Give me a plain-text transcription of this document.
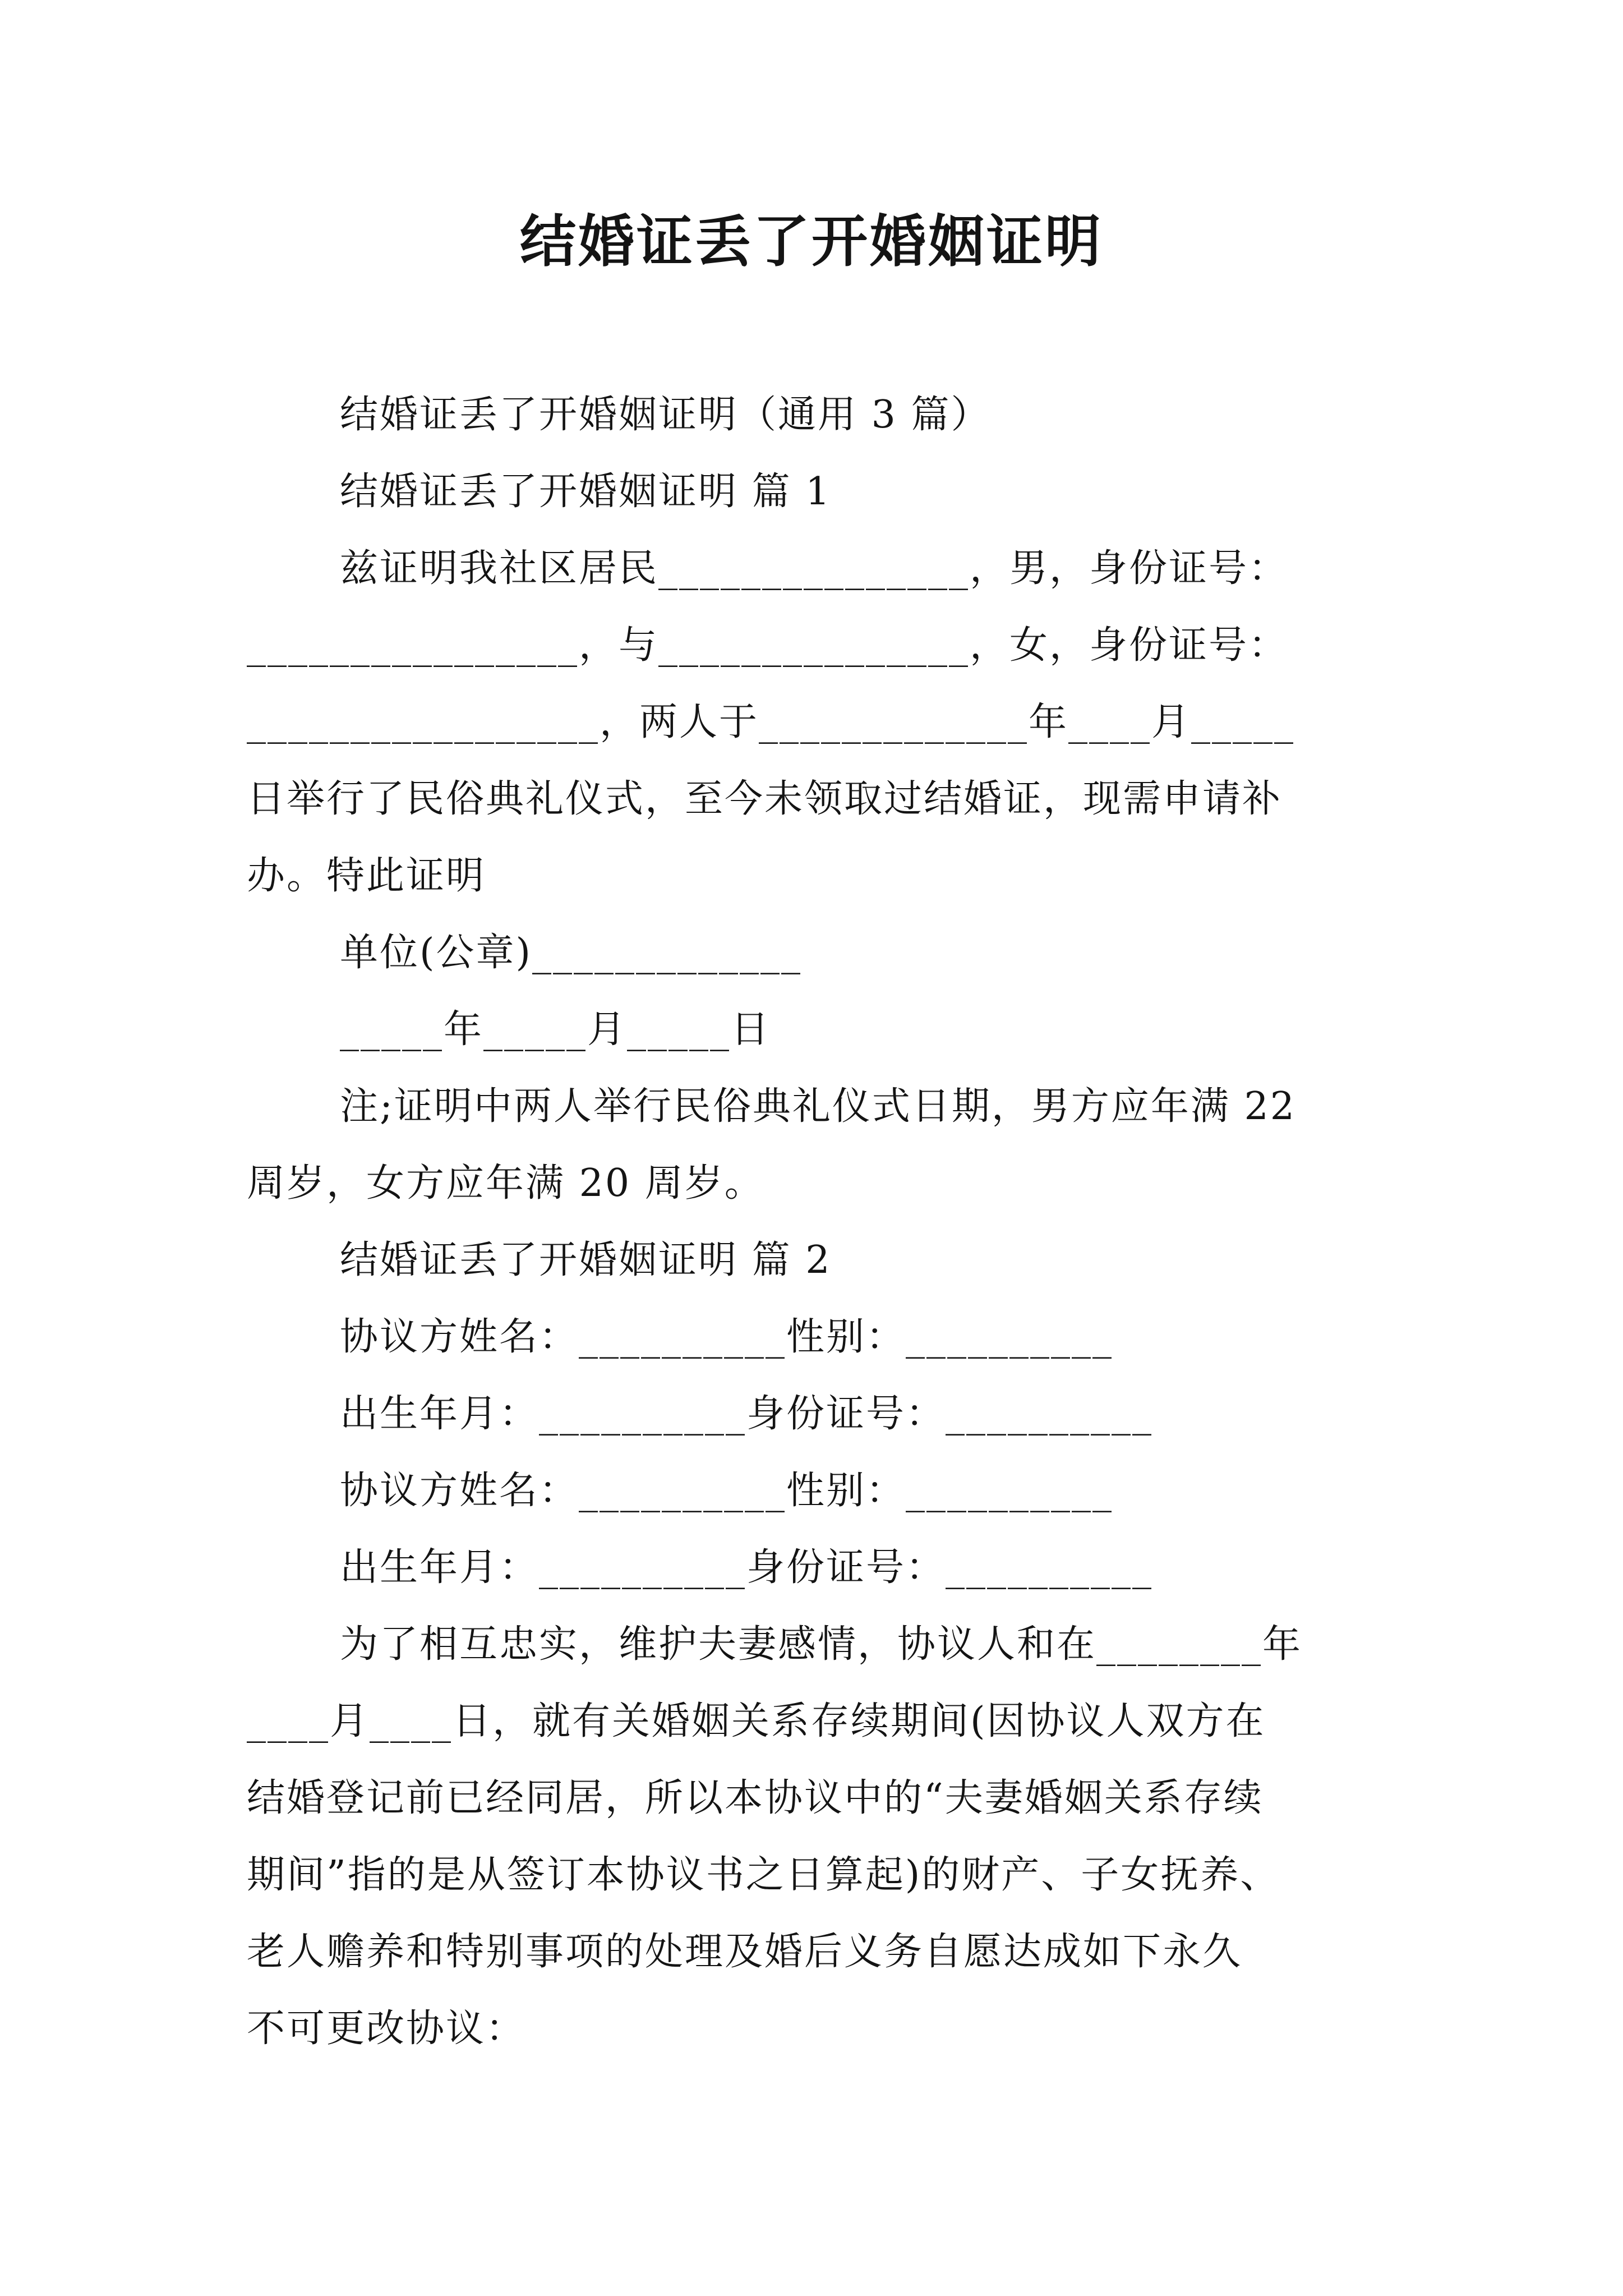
结婚证丢了开婚姻证明
结婚证丢了开婚姻证明（通用 3 篇）
结婚证丢了开婚姻证明 篇 1
兹证明我社区居民_______________，男，身份证号：
________________，与_______________，女，身份证号：
_________________，两人于_____________年____月_____
日举行了民俗典礼仪式，至今未领取过结婚证，现需申请补
办。特此证明
单位(公章)_____________
_____年_____月_____日
注;证明中两人举行民俗典礼仪式日期，男方应年满 22
周岁，女方应年满 20 周岁。
结婚证丢了开婚姻证明 篇 2
协议方姓名：__________性别：__________
出生年月：__________身份证号：__________
协议方姓名：__________性别：__________
出生年月：__________身份证号：__________
为了相互忠实，维护夫妻感情，协议人和在________年
____月____日，就有关婚姻关系存续期间(因协议人双方在
结婚登记前已经同居，所以本协议中的“夫妻婚姻关系存续
期间”指的是从签订本协议书之日算起)的财产、子女抚养、
老人赡养和特别事项的处理及婚后义务自愿达成如下永久
不可更改协议：
